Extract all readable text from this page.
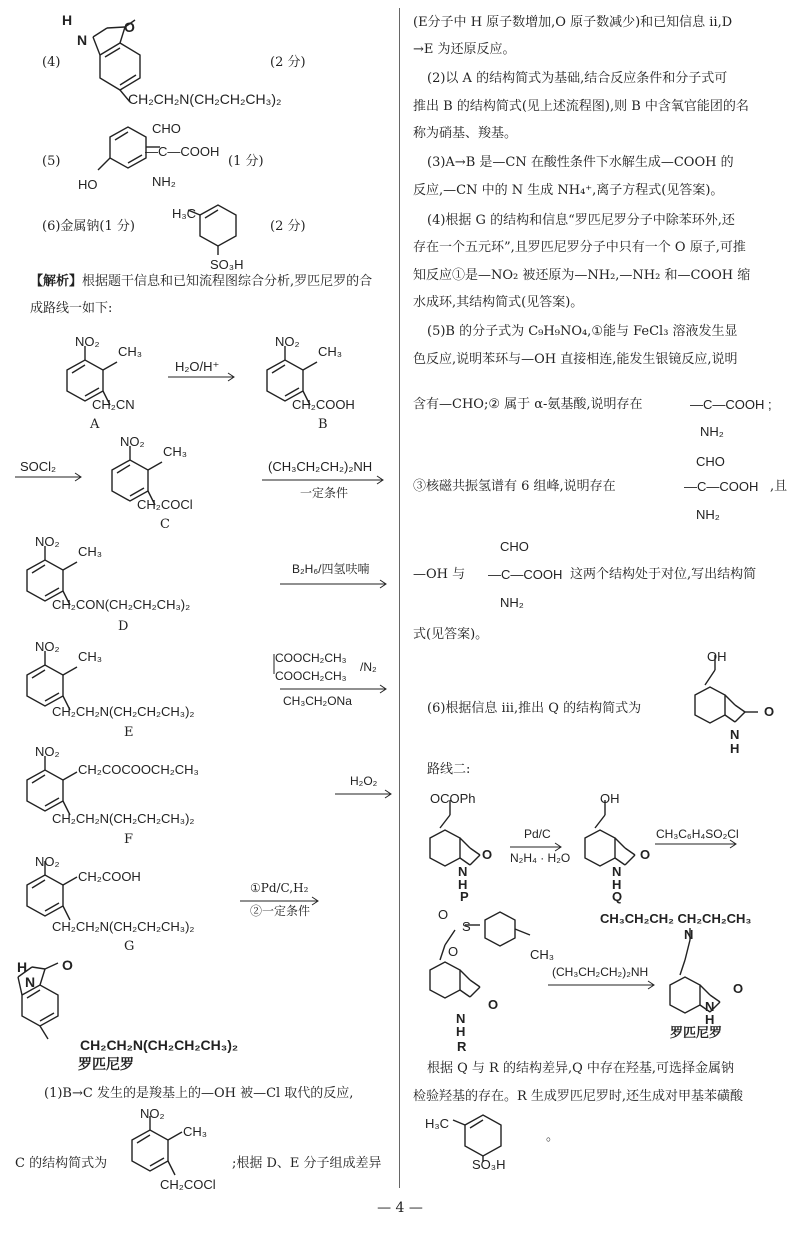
H
N
O
(4)	(2 分)
CH₂CH₂N(CH₂CH₂CH₃)₂
CHO
—C—COOH
NH₂
HO
(5)	(1 分)
(6)金属钠(1 分)
H₃C
SO₃H
(2 分)
【解析】根据题干信息和已知流程图综合分析,罗匹尼罗的合成路线一如下:
NO₂
CH₃
CH₂CN
A
H₂O/H⁺
NO₂
CH₃
CH₂COOH
B
SOCl₂
NO₂
CH₃
CH₂COCl
C
(CH₃CH₂CH₂)₂NH
一定条件
NO₂
CH₃
CH₂CON(CH₂CH₂CH₃)₂
D
B₂H₆/四氢呋喃
NO₂
CH₃
CH₂CH₂N(CH₂CH₂CH₃)₂
E
COOCH₂CH₃
COOCH₂CH₃
/N₂
CH₃CH₂ONa
NO₂
CH₂COCOOCH₂CH₃
CH₂CH₂N(CH₂CH₂CH₃)₂
F
H₂O₂
NO₂
CH₂COOH
CH₂CH₂N(CH₂CH₂CH₃)₂
G
①Pd/C,H₂
②一定条件
H
N
O
CH₂CH₂N(CH₂CH₂CH₃)₂
罗匹尼罗
(1)B→C 发生的是羧基上的—OH 被—Cl 取代的反应,
C 的结构简式为
NO₂
CH₃
CH₂COCl
;根据 D、E 分子组成差异
(E分子中 H 原子数增加,O 原子数减少)和已知信息 ⅱ,D
→E 为还原反应。
(2)以 A 的结构简式为基础,结合反应条件和分子式可
推出 B 的结构简式(见上述流程图),则 B 中含氧官能团的名
称为硝基、羧基。
(3)A→B 是—CN 在酸性条件下水解生成—COOH 的
反应,—CN 中的 N 生成 NH₄⁺,离子方程式(见答案)。
(4)根据 G 的结构和信息“罗匹尼罗分子中除苯环外,还
存在一个五元环”,且罗匹尼罗分子中只有一个 O 原子,可推
知反应①是—NO₂ 被还原为—NH₂,—NH₂ 和—COOH 缩
水成环,其结构简式(见答案)。
(5)B 的分子式为 C₉H₉NO₄,①能与 FeCl₃ 溶液发生显
色反应,说明苯环与—OH 直接相连,能发生银镜反应,说明
含有—CHO;② 属于 α-氨基酸,说明存在	—C—COOH ;
NH₂
③核磁共振氢谱有 6 组峰,说明存在
CHO
—C—COOH
NH₂
,且
CHO
—OH 与 —C—COOH
NH₂
这两个结构处于对位,写出结构简
式(见答案)。
(6)根据信息 ⅲ,推出 Q 的结构简式为
OH
O
N
H
路线二:
OCOPh
O
N
H
P
Pd/C
N₂H₄ · H₂O
OH
O
N
H
Q
CH₃C₆H₄SO₂Cl
O
S
O	CH₃
O
N
H
R
(CH₃CH₂CH₂)₂NH
CH₃CH₂CH₂ CH₂CH₂CH₃
N
O
N
H
罗匹尼罗
根据 Q 与 R 的结构差异,Q 中存在羟基,可选择金属钠
检验羟基的存在。R 生成罗匹尼罗时,还生成对甲基苯磺酸
H₃C
SO₃H
。
— 4 —
